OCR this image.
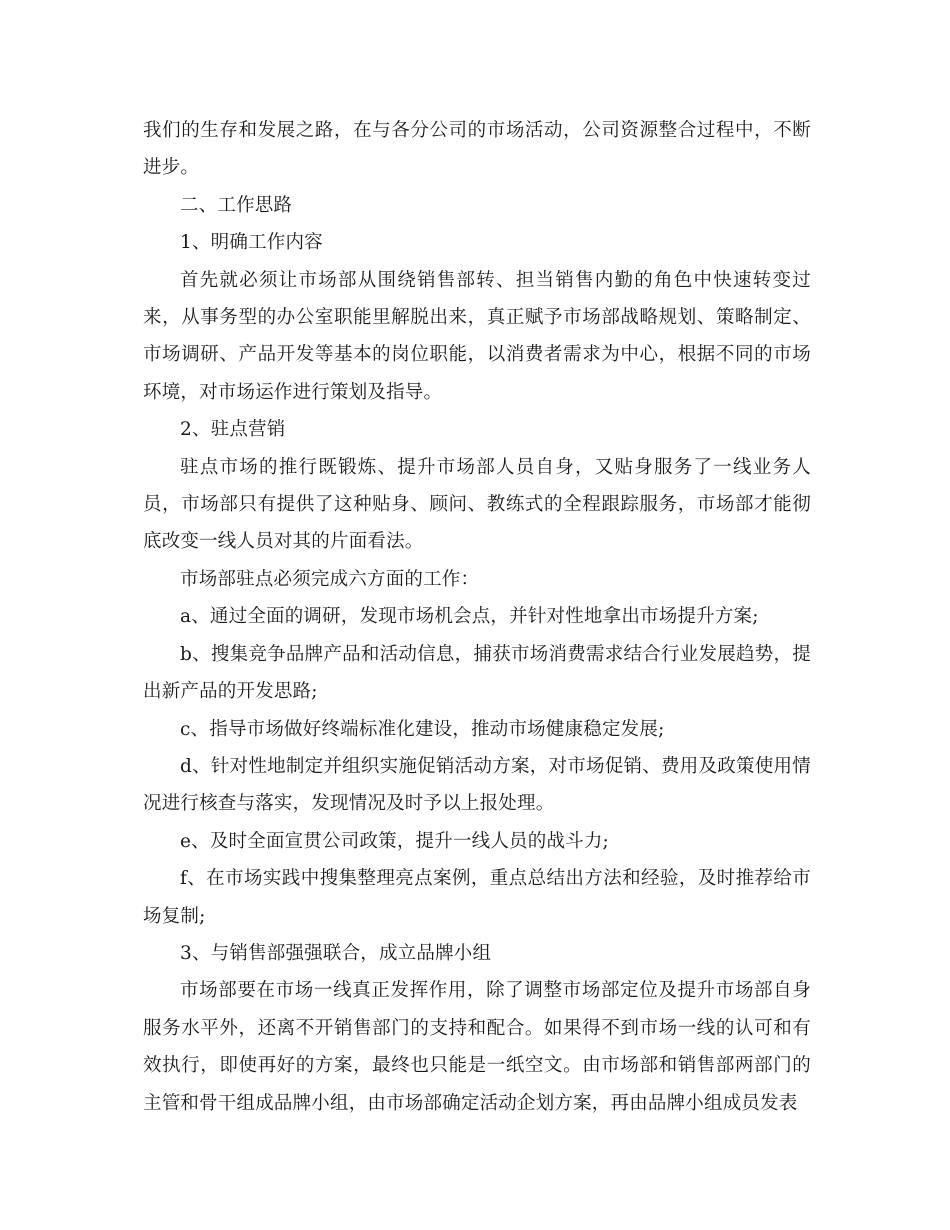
我们的生存和发展之路，在与各分公司的市场活动，公司资源整合过程中，不断进步。

二、工作思路

1、明确工作内容

首先就必须让市场部从围绕销售部转、担当销售内勤的角色中快速转变过来，从事务型的办公室职能里解脱出来，真正赋予市场部战略规划、策略制定、市场调研、产品开发等基本的岗位职能，以消费者需求为中心，根据不同的市场环境，对市场运作进行策划及指导。

2、驻点营销

驻点市场的推行既锻炼、提升市场部人员自身，又贴身服务了一线业务人员，市场部只有提供了这种贴身、顾问、教练式的全程跟踪服务，市场部才能彻底改变一线人员对其的片面看法。

市场部驻点必须完成六方面的工作：

a、通过全面的调研，发现市场机会点，并针对性地拿出市场提升方案;

b、搜集竞争品牌产品和活动信息，捕获市场消费需求结合行业发展趋势，提出新产品的开发思路;

c、指导市场做好终端标准化建设，推动市场健康稳定发展;

d、针对性地制定并组织实施促销活动方案，对市场促销、费用及政策使用情况进行核查与落实，发现情况及时予以上报处理。

e、及时全面宣贯公司政策，提升一线人员的战斗力;

f、在市场实践中搜集整理亮点案例，重点总结出方法和经验，及时推荐给市场复制;

3、与销售部强强联合，成立品牌小组

市场部要在市场一线真正发挥作用，除了调整市场部定位及提升市场部自身服务水平外，还离不开销售部门的支持和配合。如果得不到市场一线的认可和有效执行，即使再好的方案，最终也只能是一纸空文。由市场部和销售部两部门的主管和骨干组成品牌小组，由市场部确定活动企划方案，再由品牌小组成员发表
